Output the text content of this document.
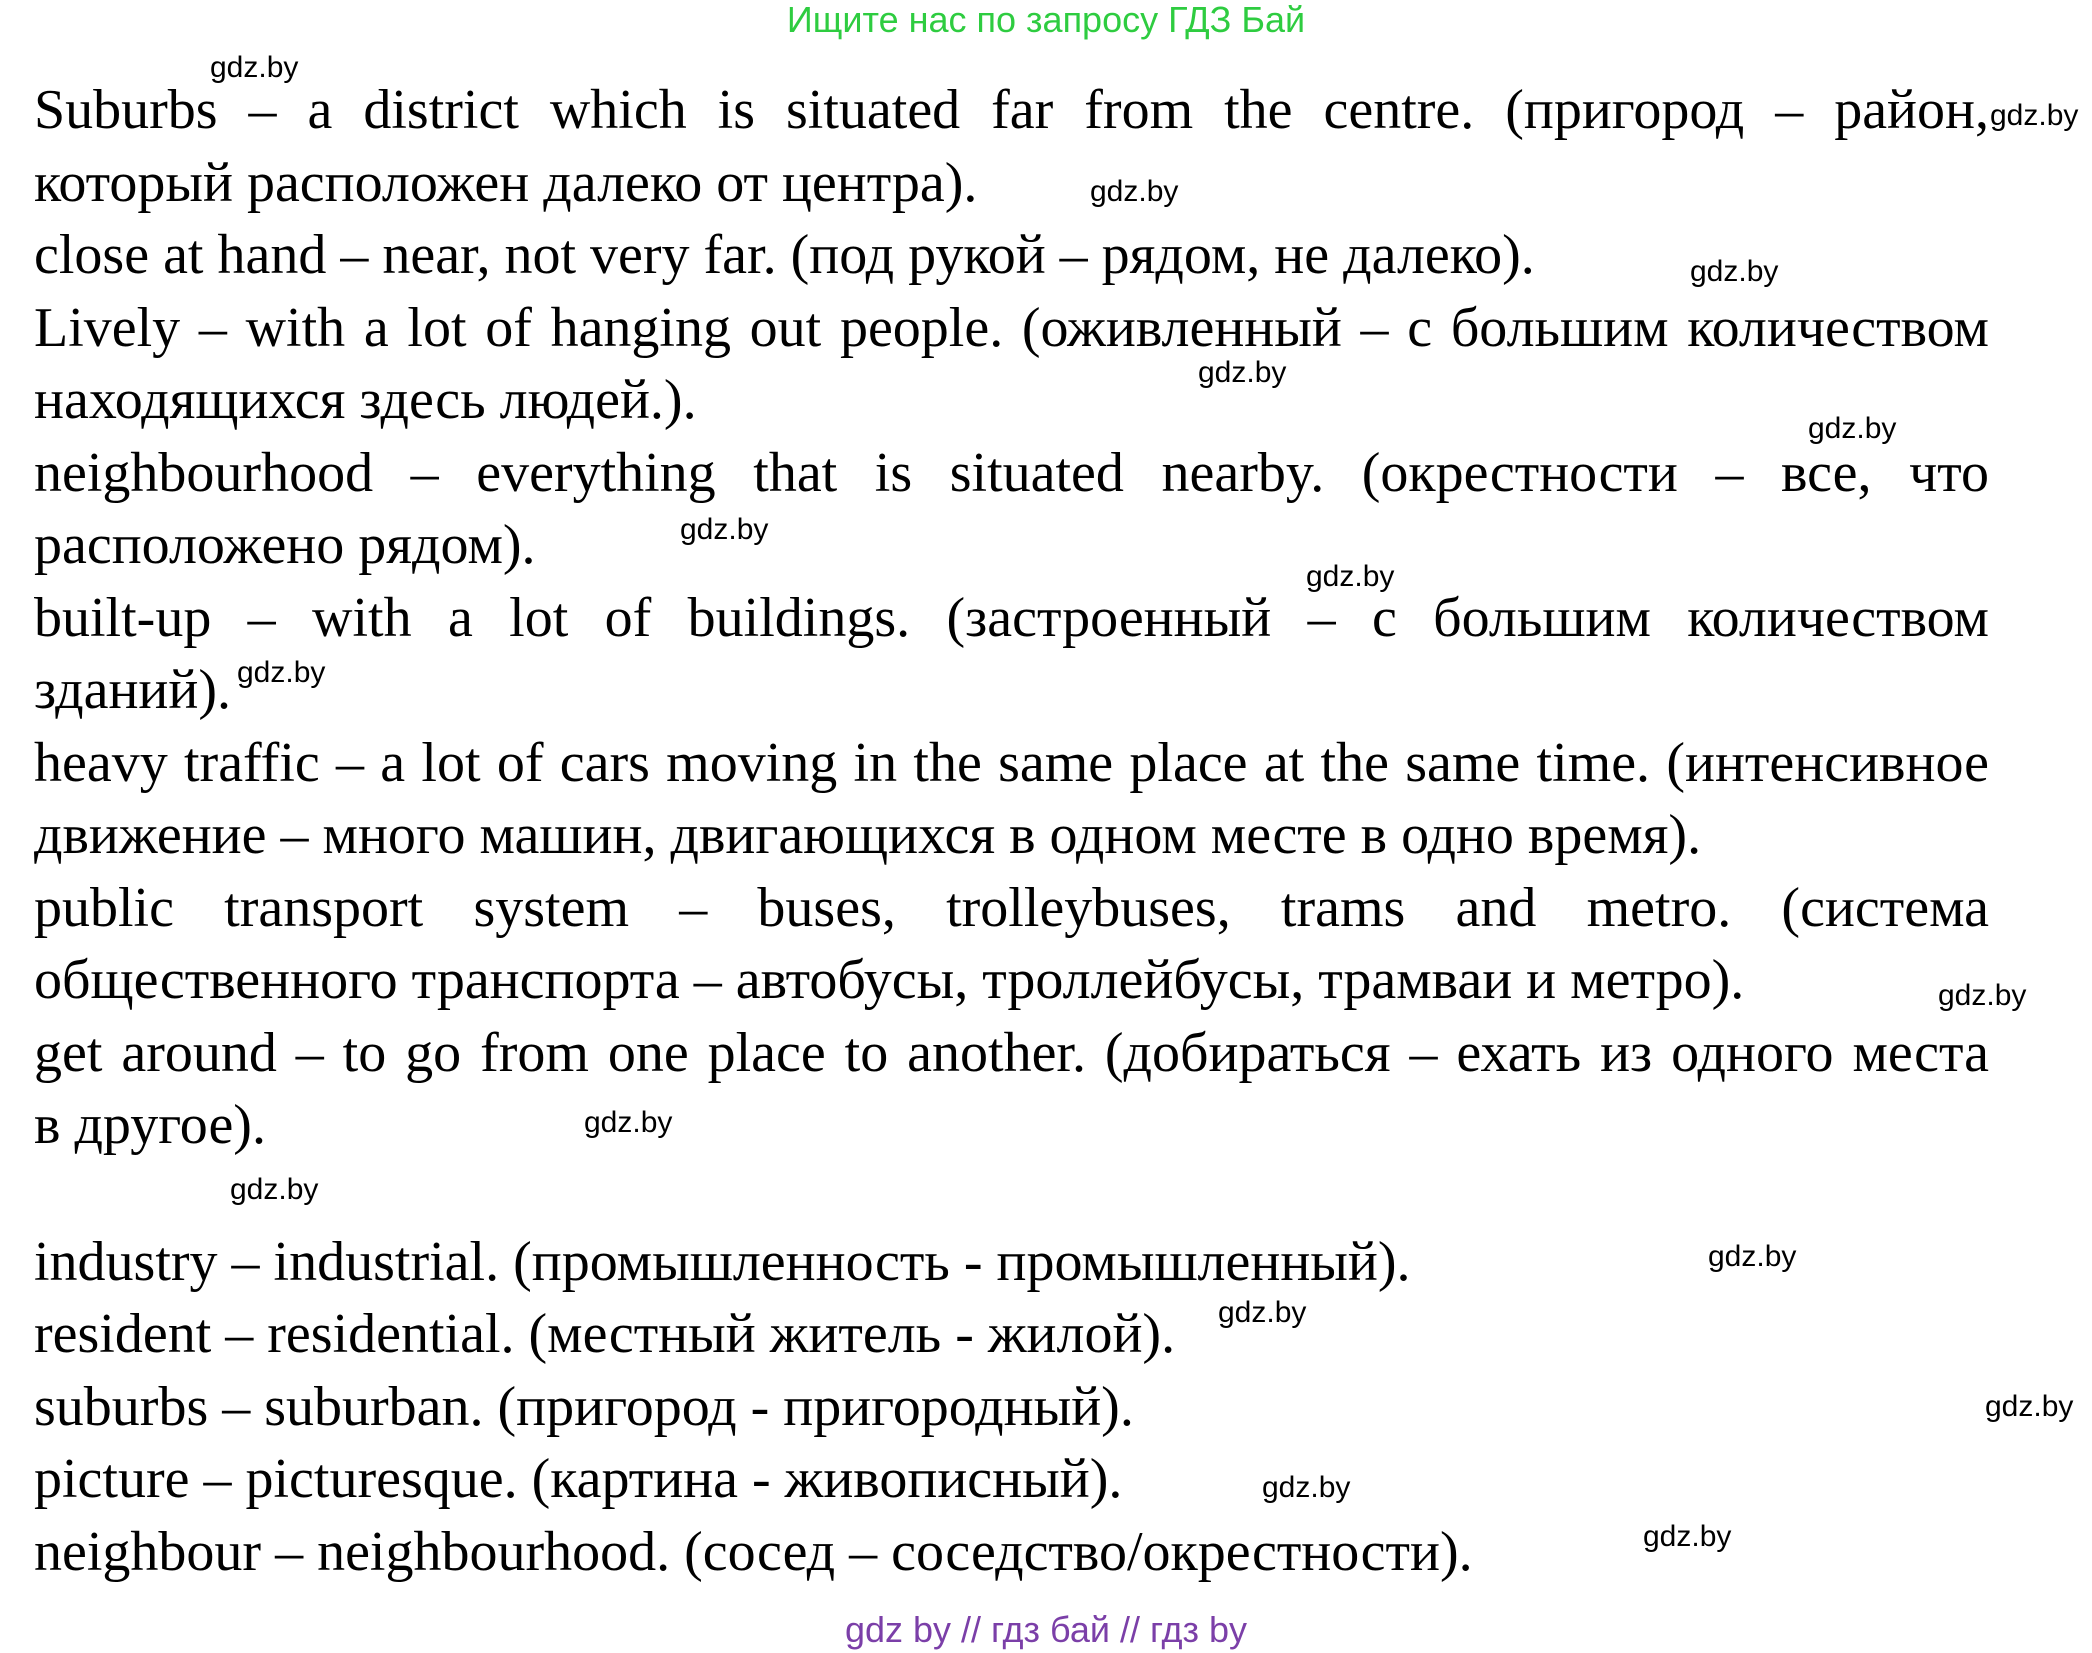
Ищите нас по запросу ГДЗ Бай
Suburbs – a district which is situated far from the centre. (пригород – район,
который расположен далеко от центра).
close at hand – near, not very far. (под рукой – рядом, не далеко).
Lively – with a lot of hanging out people. (оживленный – с большим количеством
находящихся здесь людей.).
neighbourhood – everything that is situated nearby. (окрестности – все, что
расположено рядом).
built-up – with a lot of buildings. (застроенный – с большим количеством
зданий).
heavy traffic – a lot of cars moving in the same place at the same time. (интенсивное
движение – много машин, двигающихся в одном месте в одно время).
public transport system – buses, trolleybuses, trams and metro. (система
общественного транспорта – автобусы, троллейбусы, трамваи и метро).
get around – to go from one place to another. (добираться – ехать из одного места
в другое).
industry – industrial. (промышленность - промышленный).
resident – residential. (местный житель - жилой).
suburbs – suburban. (пригород - пригородный).
picture – picturesque. (картина - живописный).
neighbour – neighbourhood. (сосед – соседство/окрестности).
gdz.by
gdz.by
gdz.by
gdz.by
gdz.by
gdz.by
gdz.by
gdz.by
gdz.by
gdz.by
gdz.by
gdz.by
gdz.by
gdz.by
gdz.by
gdz.by
gdz.by
gdz by // гдз бай // гдз by
